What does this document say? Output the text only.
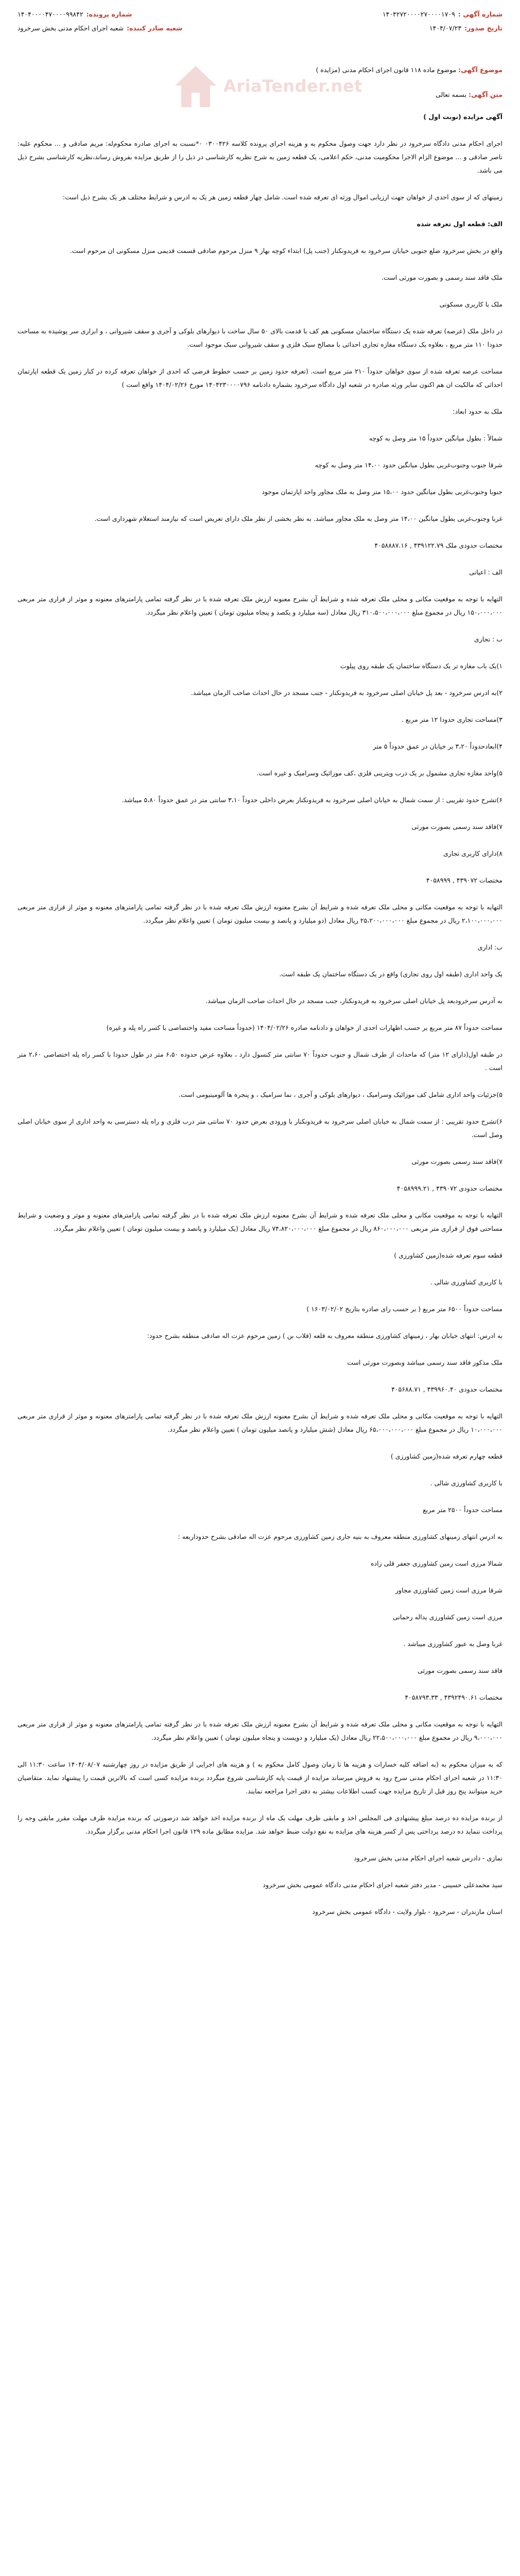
شماره آگهی :
۱۴۰۴۲۷۲۰۰۰۰۲۷۰۰۰۰۱۷۰۹
شماره پرونده:
۱۴۰۴۰۰۰۰۴۷۰۰۰۰۹۹۸۴۲
تاریخ صدور:
۱۴۰۴/۰۷/۲۳
شعبه صادر کننده:
شعبه اجرای احکام مدنی بخش سرخرود
AriaTender.net
موضوع آگهی: موضوع ماده ۱۱۸ قانون اجرای احکام مدنی (مزایده )
متن آگهی: بسمه تعالی

آگهی مزایده (نوبت اول )

اجرای احکام مدنی دادگاه سرخرود در نظر دارد جهت وصول محکوم به و هزینه اجرای پرونده کلاسه ۰۳۰۰۴۲۶ ۰*نسبت به اجرای صادره محکوم‌له: مریم صادقی و ... محکوم علیه: ناصر صادقی و ... موضوع الزام الاجرا محکومیت مدنی، حکم اعلامی، یک قطعه زمین به شرح نظریه کارشناسی در ذیل را از طریق مزایده بفروش رساند،نظریه کارشناسی بشرح ذیل می باشد.

زمینهای که از سوی احدی از خواهان جهت ارزیابی اموال ورثه ای تعرفه شده است. شامل چهار قطعه زمین هر یک به ادرس و شرایط مختلف هر یک بشرح ذیل است:

الف: قطعه اول تعرفه شده

واقع در بخش سرخرود ضلع جنوبی خیابان سرخرود به فریدونکنار (جنب پل) ابتداء کوچه بهار ۹ منزل مرحوم صادقی قسمت قدیمی منزل مسکونی ان مرحوم است.

ملک فاقد سند رسمی و بصورت مورثی است.

ملک با کاربری مسکونی

در داخل ملک (عرصه) تعرفه شده یک دستگاه ساختمان مسکونی هم کف با قدمت بالای ۵۰ سال ساخت با دیوارهای بلوکی و آجری و سقف شیروانی ، و ابزاری سر پوشیده به مساحت حدودا ۱۱۰ متر مربع ، بعلاوه یک دستگاه مغازه تجاری احداثی با مصالح سیک فلزی و سقف شیروانی سبک موجود است.

مساحت عرصه تعرفه شده از سوی خواهان حدوداً ۲۱۰ متر مربع است. (تعرفه حدود زمین بر حسب خطوط فرضی که احدی از خواهان تعرفه کرده در کنار زمین یک قطعه اپارتمان احداثی که مالکیت ان هم اکنون سایر ورثه صادره در شعبه اول دادگاه سرخرود بشماره دادنامه ۱۴۰۴۲۳۰۰۰۰۷۹۶ مورخ ۱۴۰۴/۰۲/۲۶ واقع است )

ملک به حدود ابعاد:

شمالاً : بطول میانگین حدوداً ۱۵ متر وصل به کوچه

شرقا جنوب وجنوب‌غربی بطول میانگین حدود ۱۴،۰۰ متر وصل به کوچه

جنوبا وجنوب‌غربی بطول میانگین حدود ۱۵،۰۰ متر وصل به ملک مجاور واحد اپارتمان موجود

غربا وجنوب‌غربی بطول میانگین ۱۴،۰۰ متر وصل به ملک مجاور میباشد. به نظر بخشی از نظر ملک دارای تعریض است که نیازمند استعلام شهرداری است.

مختصات حدودی ملک ۴۳۹۱۲۲.۷۹ , ۴۰۵۸۸۸۷.۱۶

الف : اعیانی

التهایه با توجه به موقعیت مکانی و محلی ملک تعرفه شده و شرایط آن بشرح معنونه ارزش ملک تعرفه شده با در نظر گرفته تمامی پارامترهای معنونه و موثر از قراری متر مربعی ۱۵۰،۰۰۰،۰۰۰ ریال در مجموع مبلغ ۳۱۰،۵۰۰،۰۰۰،۰۰۰ ریال معادل (سه میلیارد و یکصد و پنجاه میلیون تومان ) تعیین واعلام نظر میگردد.

ب : تجاری

۱)یک باب مغازه تر یک دستگاه ساختمان یک طبقه روی پیلوت

۲)به ادرس سرخرود - بعد پل خیابان اصلی سرخرود به فریدونکنار - جنب مسجد در حال احداث صاحب الزمان میباشد.

۳)مساحت تجاری حدودا ۱۲ متر مربع .

۴)ابعادحدوداً ۳،۲۰ بر خیابان در عمق حدوداً ۵ متر

۵)واحد مغازه تجاری مشمول بر یک درب ویترینی فلزی ،کف موزائیک وسرامیک و غیره است.

۶)تشرح حدود تقریبی : از سمت شمال به خیابان اصلی سرخرود به فریدونکنار بعرض داخلی حدوداً ۳،۱۰ سانتی متر در عمق حدوداً ۵،۸۰ میباشد.

۷)فاقد سند رسمی بصورت مورثی

۸)دارای کاربری تجاری

مختصات ۴۳۹۰۷۲ , ۴۰۵۸۹۹۹

التهایه با توجه به موقعیت مکانی و محلی ملک تعرفه شده و شرایط آن بشرح معنونه ارزش ملک تعرفه شده با در نظر گرفته تمامی پارامترهای معنونه و موثر از قراری متر مربعی ۲،۱۰۰،۰۰۰،۰۰۰ ریال در مجموع مبلغ ۲۵،۲۰۰،۰۰۰،۰۰۰ ریال معادل (دو میلیارد و پانصد و بیست میلیون تومان ) تعیین واعلام نظر میگردد.

ب: اداری

یک واحد اداری (طبقه اول روی تجاری) واقع در یک دستگاه ساختمان یک طبقه است.

به آدرس سرخرودبعد پل خیابان اصلی سرخرود به فریدونکنار، جنب مسجد در حال احداث صاحب الزمان میباشد.

مساحت حدوداً ۸۷ متر مربع بر حسب اظهارات احدی از خواهان و دادنامه صادره ۱۴۰۴/۰۲/۲۶ (حدوداً مساحت مفید واختصاصی با کسر راه پله و غیره)

در طبقه اول(دارای ۱۲ متر) که ماحداث از طرف شمال و جنوب حدوداً ۷۰ سانتی متر کنسول دارد ، بعلاوه عرض حدوده ۶،۵۰ متر در طول حدودا با کسر راه پله اختصاصی ۲،۶۰ متر است .

۵)جزئیات واحد اداری شامل کف موزائیک وسرامیک ، دیوارهای بلوکی و آجری ، نما سرامیک ، و پنجره ها آلومینیومی است.

۶)تشرح حدود تقریبی : از سمت شمال به خیابان اصلی سرخرود به فریدونکنار با ورودی بعرض حدود ۷۰ سانتی متر درب فلزی و راه پله دسترسی به واحد اداری از سوی خیابان اصلی وصل است.

۷)فاقد سند رسمی بصورت مورثی

مختصات حدودی ۴۳۹۰۷۲ , ۴۰۵۸۹۹۹.۲۱

التهایه با توجه به موقعیت مکانی و محلی ملک تعرفه شده و شرایط آن بشرح معنونه ارزش ملک تعرفه شده با در نظر گرفته تمامی پارامترهای معنونه و موثر و وضعیت و شرایط مساحتی فوق از قراری متر مربعی ۸۶۰،۰۰۰،۰۰۰ ریال در مجموع مبلغ ۷۴،۸۲۰،۰۰۰،۰۰۰ ریال معادل (یک میلیارد و پانصد و بیست میلیون تومان ) تعیین واعلام نظر میگردد.

قطعه سوم تعرفه شده(زمین کشاورزی )

با کاربری کشاورزی شالی .

مساحت حدوداً ۶۵۰۰ متر مربع ( بر حسب رای صادره بتاریخ ۱۶۰۳/۰۲/۰۲ )

به ادرس: انتهای خیابان بهار ، زمینهای کشاورزی منطقه معروف به قلعه (قلاب بن ) زمین مرحوم عزت اله صادقی منطقه بشرح حدود:

ملک مذکور فاقد سند رسمی میباشد وبصورت مورثی است

مختصات حدودی ۴۳۹۹۶۰.۴۰ , ۴۰۵۶۸۸.۷۱

التهایه با توجه به موقعیت مکانی و محلی ملک تعرفه شده و شرایط آن بشرح معنونه ارزش ملک تعرفه شده با در نظر گرفته تمامی پارامترهای معنونه و موثر از قراری متر مربعی ۱۰،۰۰۰،۰۰۰ ریال در مجموع مبلغ ۶۵،۰۰۰،۰۰۰،۰۰۰ ریال معادل (شش میلیارد و پانصد میلیون تومان ) تعیین واعلام نظر میگردد.

قطعه چهارم تعرفه شده(زمین کشاورزی )

با کاربری کشاورزی شالی .

مساحت حدوداً ۲۵۰۰ متر مربع

به ادرس انتهای زمینهای کشاورزی منطقه معروف به بنیه جاری زمین کشاورزی مرحوم عزت اله صادقی بشرح حدوداربعه :

شمالا مرزی است زمین کشاورزی جعفر قلی زاده

شرقا مرزی است زمین کشاورزی مجاور

مرزی است زمین کشاورزی یداله رحمانی

غربا وصل به عبور کشاورزی میباشد .

فاقد سند رسمی بصورت مورثی

مختصات ۴۳۹۲۴۹۰.۶۱ , ۴۰۵۸۷۹۳.۳۳

التهایه با توجه به موقعیت مکانی و محلی ملک تعرفه شده و شرایط آن بشرح معنونه ارزش ملک تعرفه شده با در نظر گرفته تمامی پارامترهای معنونه و موثر از قراری متر مربعی ۹،۰۰۰،۰۰۰ ریال در مجموع مبلغ ۲۲،۵۰۰،۰۰۰،۰۰۰ ریال معادل (یک میلیارد و دویست و پنجاه میلیون تومان ) تعیین واعلام نظر میگردد.

که به میزان محکوم به (به اضافه کلیه خسارات و هزینه ها تا زمان وصول کامل محکوم به ) و هزینه های اجرایی از طریق مزایده در روز چهارشنبه ۱۴۰۴/۰۸/۰۷ ساعت ۱۱:۳۰ الی ۱۱:۳۰ در شعبه اجرای احکام مدنی سرخ رود به فروش میرساند مزایده از قیمت پایه کارشناسی شروع میگردد برنده مزایده کسی است که بالاترین قیمت را پیشنهاد نماید. متقاضیان خرید میتوانند پنج روز قبل از تاریخ مزایده جهت کسب اطلاعات بیشتر به دفتر اجرا مراجعه نمایند.

از برنده مزایده ده درصد مبلغ پیشنهادی فی المجلس اخذ و مابقی ظرف مهلت یک ماه از برنده مزایده اخذ خواهد شد درصورتی که برنده مزایده ظرف مهلت مقرر مابقی وجه را پرداخت ننماید ده درصد پرداختی پس از کسر هزینه های مزایده به نفع دولت ضبط خواهد شد. مزایده مطابق ماده ۱۲۹ قانون اجرا احکام مدنی برگزار میگردد.

نمازی - دادرس شعبه اجرای احکام مدنی بخش سرخرود

سید محمدعلی حسینی - مدیر دفتر شعبه اجرای احکام مدنی دادگاه عمومی بخش سرخرود

استان مازندران - سرخرود - بلوار ولایت - دادگاه عمومی بخش سرخرود
